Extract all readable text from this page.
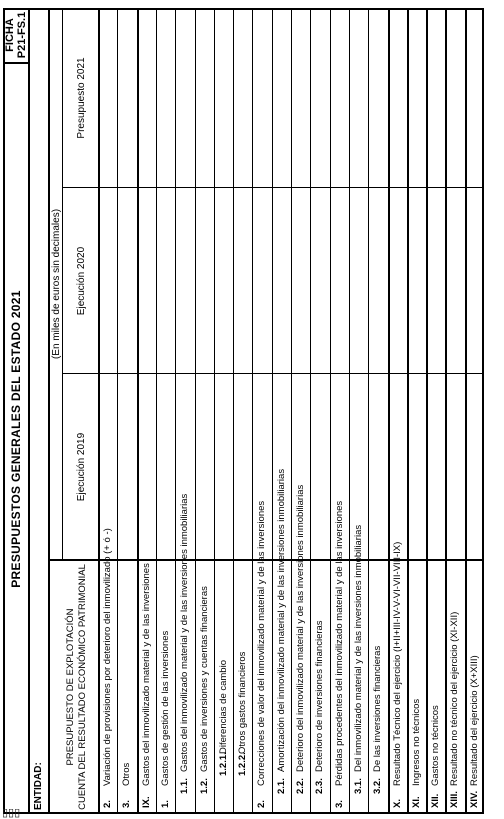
PRESUPUESTOS GENERALES DEL ESTADO 2021
FICHA P21-FS.1
ENTIDAD:
PRESUPUESTO DE EXPLOTACIÓN CUENTA DEL RESULTADO ECONÓMICO PATRIMONIAL
(En miles de euros sin decimales)
Ejecución 2019
Ejecución 2020
Presupuesto 2021
2.Variación de provisiones por deterioro del inmovilizado (+ ó -)
3.Otros
IX.Gastos del inmovilizado material y de las inversiones
1.Gastos de gestión de las inversiones
1.1.Gastos del inmovilizado material y de las inversiones inmobiliarias
1.2.Gastos de inversiones y cuentas financieras 1.2.1.Diferencias de cambio
1.2.2.Otros gastos financieros
2.Correcciones de valor del inmovilizado material y de las inversiones
2.1.Amortización del inmovilizado material y de las inversiones inmobiliarias
2.2.Deterioro del inmovilizado material y de las inversiones inmobiliarias
2.3.Deterioro de inversiones financieras
3.Pérdidas procedentes del inmovilizado material y de las inversiones
3.1.Del inmovilizado material y de las inversiones inmobiliarias
3.2.De las inversiones financieras
X.Resultado Técnico del ejercicio (I+II+III-IV-V-VI-VII-VIII-IX)
XI.Ingresos no técnicos
XII.Gastos no técnicos
XIII.Resultado no técnico del ejercicio (XI-XII)
XIV.Resultado del ejercicio (X+XIII)
▯▯▯
